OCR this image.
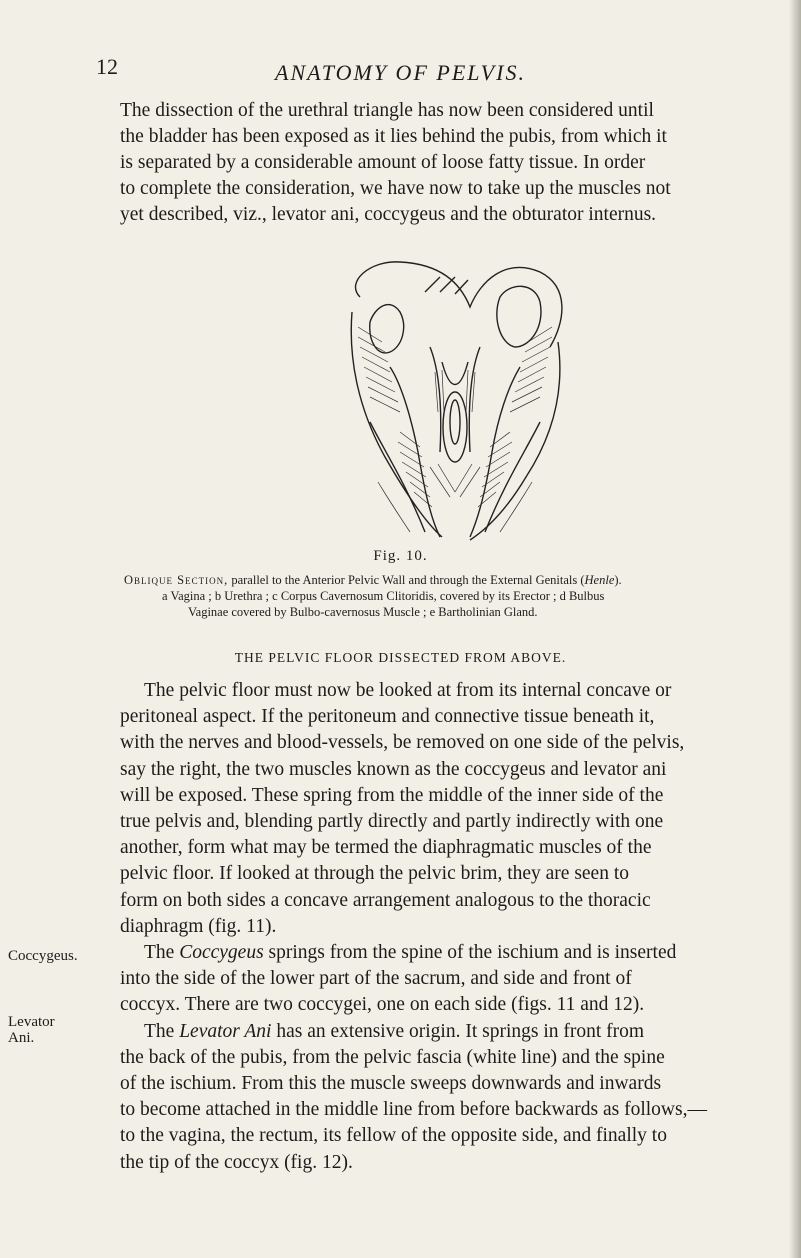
12	ANATOMY OF PELVIS.

The dissection of the urethral triangle has now been considered until
the bladder has been exposed as it lies behind the pubis, from which it
is separated by a considerable amount of loose fatty tissue. In order
to complete the consideration, we have now to take up the muscles not
yet described, viz., levator ani, coccygeus and the obturator internus.

Fig. 10.
Oblique Section, parallel to the Anterior Pelvic Wall and through the External Genitals (Henle).
a Vagina ; b Urethra ; c Corpus Cavernosum Clitoridis, covered by its Erector ; d Bulbus
Vaginae covered by Bulbo-cavernosus Muscle ; e Bartholinian Gland.
THE PELVIC FLOOR DISSECTED FROM ABOVE.
The pelvic floor must now be looked at from its internal concave or
peritoneal aspect. If the peritoneum and connective tissue beneath it,
with the nerves and blood-vessels, be removed on one side of the pelvis,
say the right, the two muscles known as the coccygeus and levator ani
will be exposed. These spring from the middle of the inner side of the
true pelvis and, blending partly directly and partly indirectly with one
another, form what may be termed the diaphragmatic muscles of the
pelvic floor. If looked at through the pelvic brim, they are seen to
form on both sides a concave arrangement analogous to the thoracic
diaphragm (fig. 11).
The Coccygeus springs from the spine of the ischium and is inserted
into the side of the lower part of the sacrum, and side and front of
coccyx. There are two coccygei, one on each side (figs. 11 and 12).
The Levator Ani has an extensive origin. It springs in front from
the back of the pubis, from the pelvic fascia (white line) and the spine
of the ischium. From this the muscle sweeps downwards and inwards
to become attached in the middle line from before backwards as follows,—
to the vagina, the rectum, its fellow of the opposite side, and finally to
the tip of the coccyx (fig. 12).
Coccygeus.
Levator
Ani.
